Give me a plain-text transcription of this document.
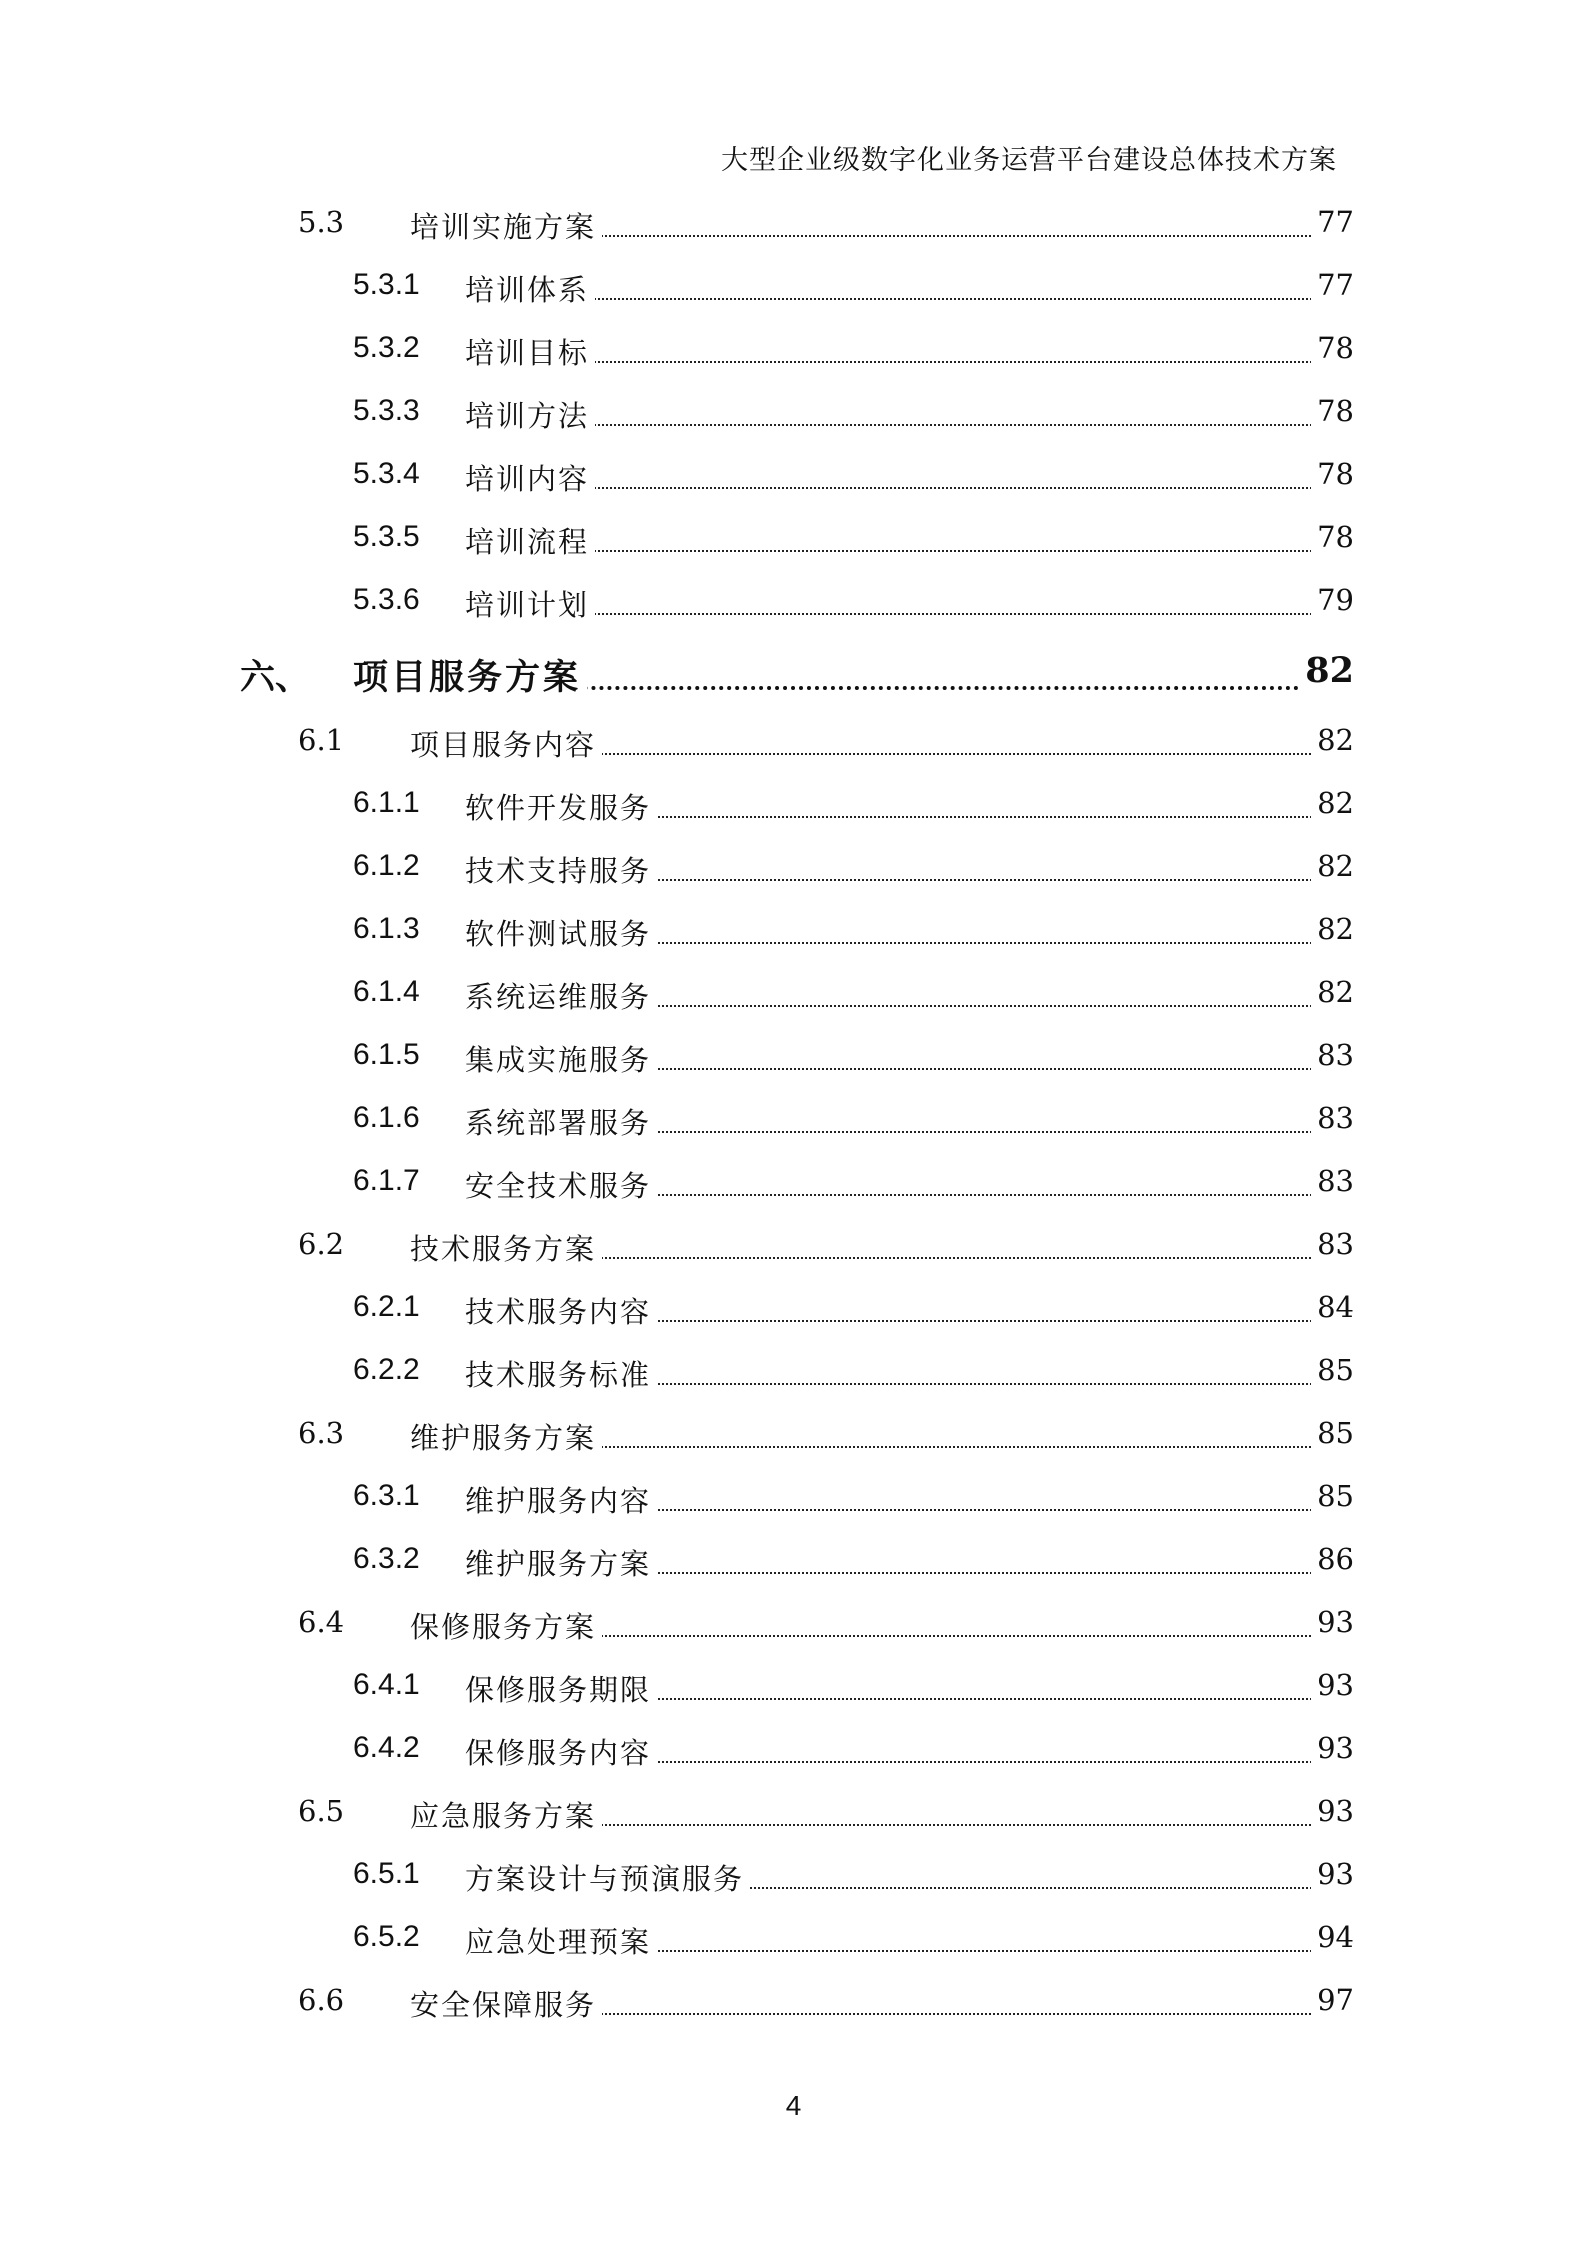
大型企业级数字化业务运营平台建设总体技术方案
5.3 培训实施方案	77
5.3.1 培训体系	77
5.3.2 培训目标	78
5.3.3 培训方法	78
5.3.4 培训内容	78
5.3.5 培训流程	78
5.3.6 培训计划	79
六、 项目服务方案	82
6.1 项目服务内容	82
6.1.1 软件开发服务	82
6.1.2 技术支持服务	82
6.1.3 软件测试服务	82
6.1.4 系统运维服务	82
6.1.5 集成实施服务	83
6.1.6 系统部署服务	83
6.1.7 安全技术服务	83
6.2 技术服务方案	83
6.2.1 技术服务内容	84
6.2.2 技术服务标准	85
6.3 维护服务方案	85
6.3.1 维护服务内容	85
6.3.2 维护服务方案	86
6.4 保修服务方案	93
6.4.1 保修服务期限	93
6.4.2 保修服务内容	93
6.5 应急服务方案	93
6.5.1 方案设计与预演服务	93
6.5.2 应急处理预案	94
6.6 安全保障服务	97
4
